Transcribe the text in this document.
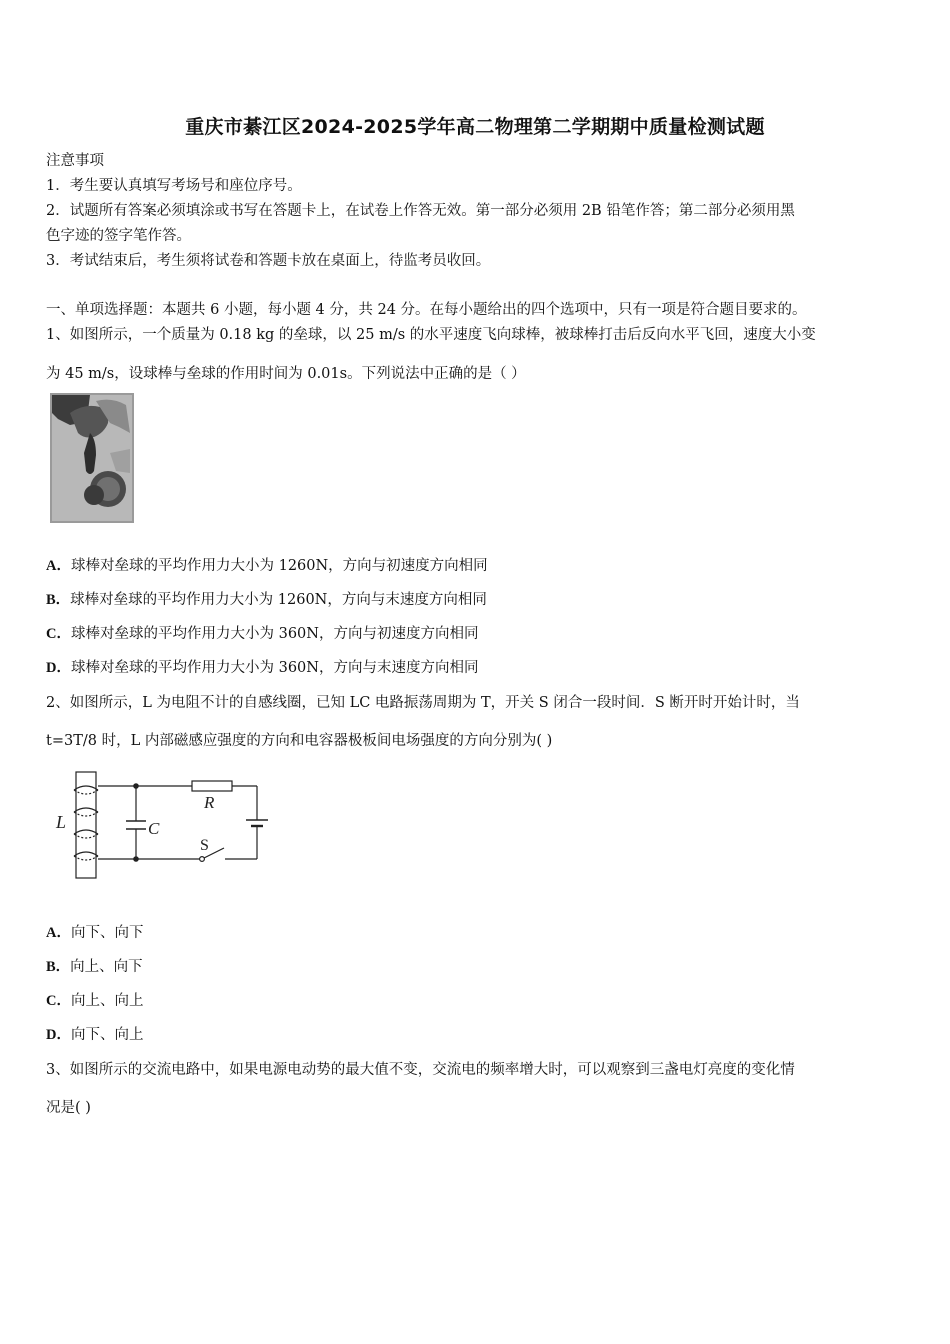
重庆市綦江区2024-2025学年高二物理第二学期期中质量检测试题
注意事项
1．考生要认真填写考场号和座位序号。
2．试题所有答案必须填涂或书写在答题卡上，在试卷上作答无效。第一部分必须用 2B 铅笔作答；第二部分必须用黑
色字迹的签字笔作答。
3．考试结束后，考生须将试卷和答题卡放在桌面上，待监考员收回。
一、单项选择题：本题共 6 小题，每小题 4 分，共 24 分。在每小题给出的四个选项中，只有一项是符合题目要求的。
1、如图所示，一个质量为 0.18 kg 的垒球，以 25 m/s 的水平速度飞向球棒，被球棒打击后反向水平飞回，速度大小变
为 45 m/s，设球棒与垒球的作用时间为 0.01s。下列说法中正确的是（ ）
A．球棒对垒球的平均作用力大小为 1260N，方向与初速度方向相同
B．球棒对垒球的平均作用力大小为 1260N，方向与末速度方向相同
C．球棒对垒球的平均作用力大小为 360N，方向与初速度方向相同
D．球棒对垒球的平均作用力大小为 360N，方向与末速度方向相同
2、如图所示，L 为电阻不计的自感线圈，已知 LC 电路振荡周期为 T，开关 S 闭合一段时间．S 断开时开始计时，当
t=3T/8 时，L 内部磁感应强度的方向和电容器极板间电场强度的方向分别为( )
L	C
R
S
A．向下、向下
B．向上、向下
C．向上、向上
D．向下、向上
3、如图所示的交流电路中，如果电源电动势的最大值不变，交流电的频率增大时，可以观察到三盏电灯亮度的变化情
况是( )
